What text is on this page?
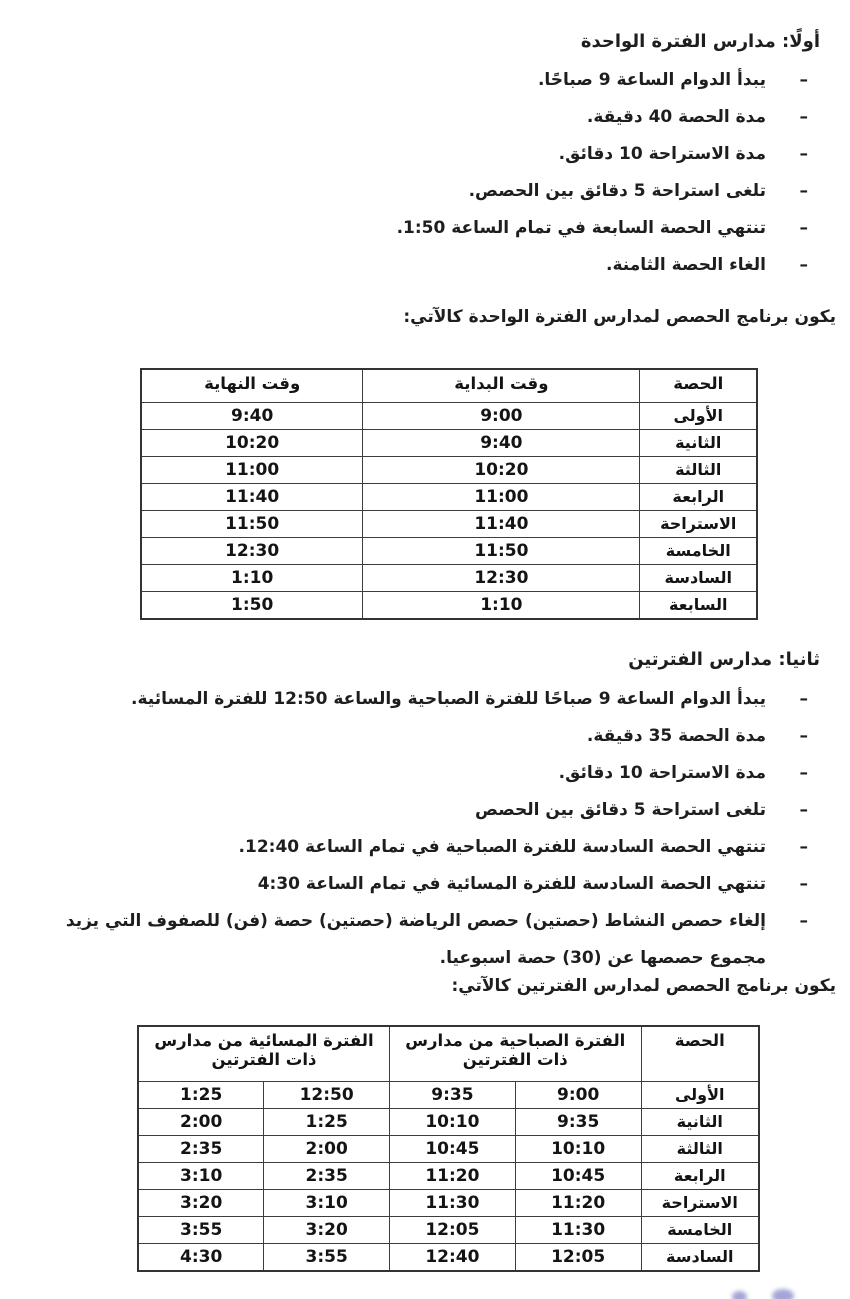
أولًا: مدارس الفترة الواحدة
–
يبدأ الدوام الساعة 9 صباحًا.
–
مدة الحصة 40 دقيقة.
–
مدة الاستراحة 10 دقائق.
–
تلغى استراحة 5 دقائق بين الحصص.
–
تنتهي الحصة السابعة في تمام الساعة 1:50.
–
الغاء الحصة الثامنة.

يكون برنامج الحصص لمدارس الفترة الواحدة كالآتي:

الحصة	وقت البداية	وقت النهاية
الأولى	9:00	9:40
الثانية	9:40	10:20
الثالثة	10:20	11:00
الرابعة	11:00	11:40
الاستراحة	11:40	11:50
الخامسة	11:50	12:30
السادسة	12:30	1:10
السابعة	1:10	1:50
ثانيا: مدارس الفترتين
–
يبدأ الدوام الساعة 9 صباحًا للفترة الصباحية والساعة 12:50 للفترة المسائية.
–
مدة الحصة 35 دقيقة.
–
مدة الاستراحة 10 دقائق.
–
تلغى استراحة 5 دقائق بين الحصص
–
تنتهي الحصة السادسة للفترة الصباحية في تمام الساعة 12:40.
–
تنتهي الحصة السادسة للفترة المسائية في تمام الساعة 4:30
–
إلغاء حصص النشاط (حصتين) حصص الرياضة (حصتين) حصة (فن) للصفوف التي يزيد مجموع حصصها عن (30) حصة اسبوعيا.

يكون برنامج الحصص لمدارس الفترتين كالآتي:

الحصة	الفترة الصباحية من مدارس ذات الفترتين		الفترة المسائية من مدارس ذات الفترتين	
الأولى	9:00	9:35	12:50	1:25
الثانية	9:35	10:10	1:25	2:00
الثالثة	10:10	10:45	2:00	2:35
الرابعة	10:45	11:20	2:35	3:10
الاستراحة	11:20	11:30	3:10	3:20
الخامسة	11:30	12:05	3:20	3:55
السادسة	12:05	12:40	3:55	4:30
